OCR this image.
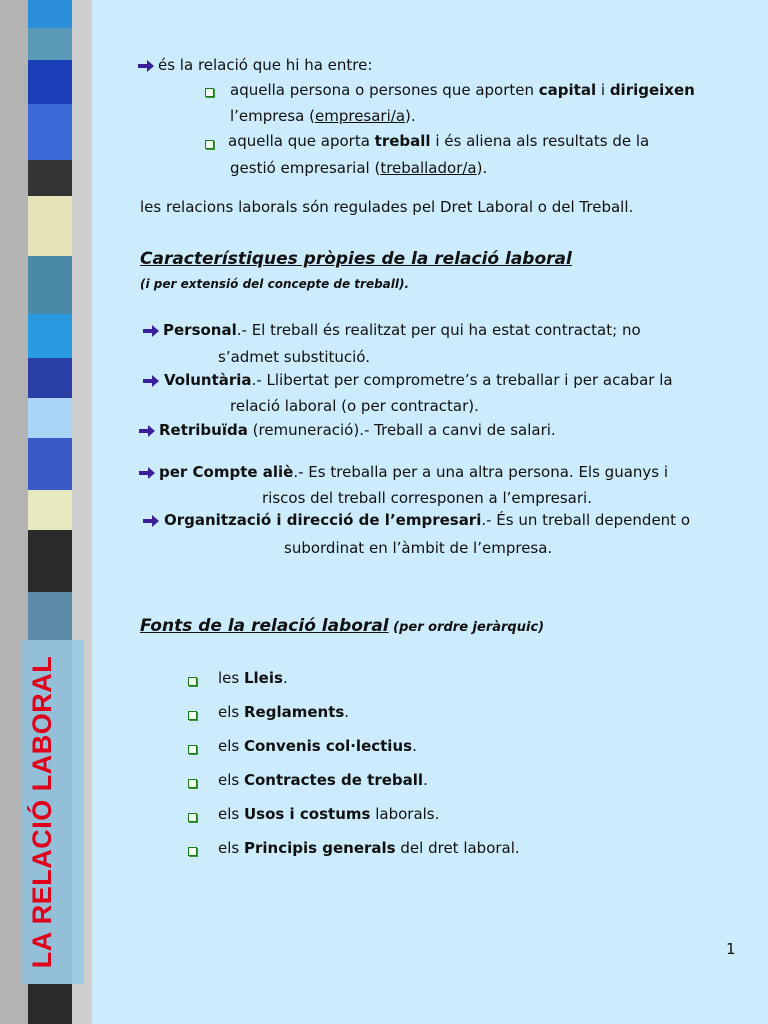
LA RELACIÓ LABORAL
és la relació que hi ha entre:
aquella persona o persones que aporten capital i dirigeixen
l’empresa (empresari/a).
aquella que aporta treball i és aliena als resultats de la
gestió empresarial (treballador/a).
les relacions laborals són regulades pel Dret Laboral o del Treball.
Característiques pròpies de la relació laboral
(i per extensió del concepte de treball).
Personal.- El treball és realitzat per qui ha estat contractat; no
s’admet substitució.
Voluntària.- Llibertat per comprometre’s a treballar i per acabar la
relació laboral (o per contractar).
Retribuïda (remuneració).- Treball a canvi de salari.
per Compte aliè.- Es treballa per a una altra persona. Els guanys i
riscos del treball corresponen a l’empresari.
Organització i direcció de l’empresari.- És un treball dependent o
subordinat en l’àmbit de l’empresa.
Fonts de la relació laboral (per ordre jeràrquic)
les Lleis.
els Reglaments.
els Convenis col·lectius.
els Contractes de treball.
els Usos i costums laborals.
els Principis generals del dret laboral.
1
